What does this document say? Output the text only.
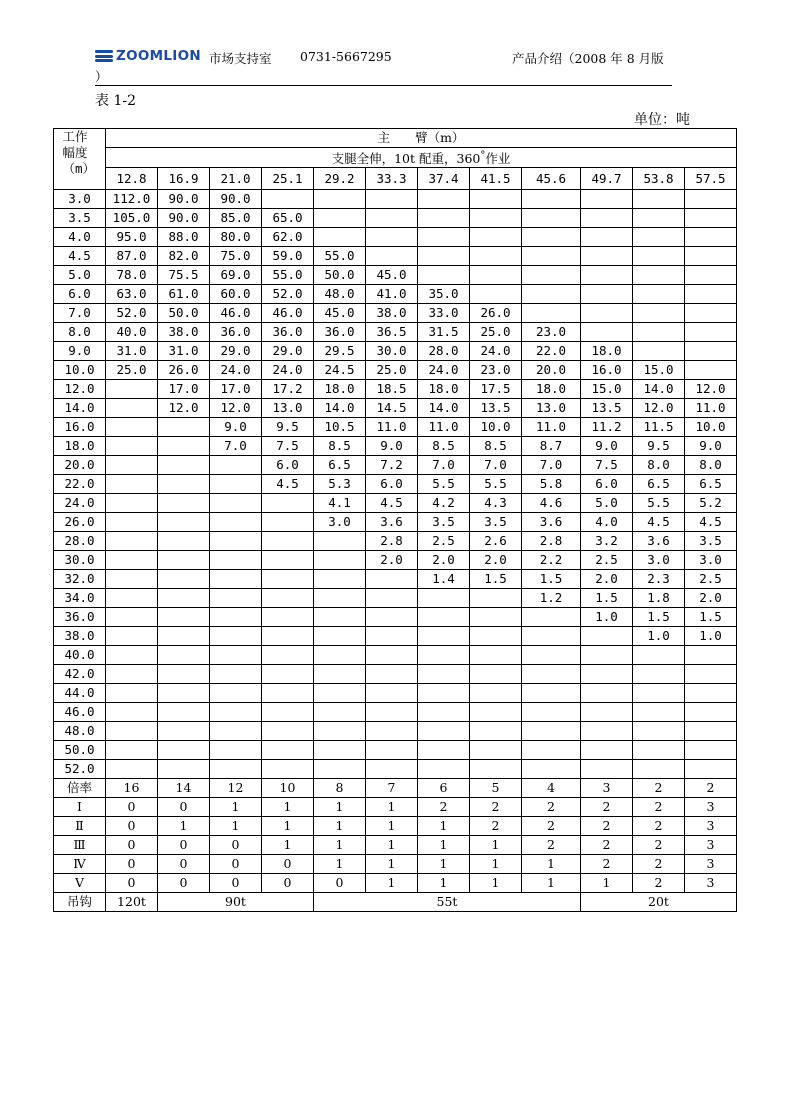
ZOOMLION 市场支持室 0731-5667295	产品介绍（2008 年 8 月版
）
表 1-2
单位：吨
工作幅度（m）	主　　臂（m）											
	支腿全伸，10t 配重，360°作业											
	12.8	16.9	21.0	25.1	29.2	33.3	37.4	41.5	45.6	49.7	53.8	57.5
3.0	112.0	90.0	90.0									
3.5	105.0	90.0	85.0	65.0								
4.0	95.0	88.0	80.0	62.0								
4.5	87.0	82.0	75.0	59.0	55.0							
5.0	78.0	75.5	69.0	55.0	50.0	45.0						
6.0	63.0	61.0	60.0	52.0	48.0	41.0	35.0					
7.0	52.0	50.0	46.0	46.0	45.0	38.0	33.0	26.0				
8.0	40.0	38.0	36.0	36.0	36.0	36.5	31.5	25.0	23.0			
9.0	31.0	31.0	29.0	29.0	29.5	30.0	28.0	24.0	22.0	18.0		
10.0	25.0	26.0	24.0	24.0	24.5	25.0	24.0	23.0	20.0	16.0	15.0	
12.0		17.0	17.0	17.2	18.0	18.5	18.0	17.5	18.0	15.0	14.0	12.0
14.0		12.0	12.0	13.0	14.0	14.5	14.0	13.5	13.0	13.5	12.0	11.0
16.0			9.0	9.5	10.5	11.0	11.0	10.0	11.0	11.2	11.5	10.0
18.0			7.0	7.5	8.5	9.0	8.5	8.5	8.7	9.0	9.5	9.0
20.0				6.0	6.5	7.2	7.0	7.0	7.0	7.5	8.0	8.0
22.0				4.5	5.3	6.0	5.5	5.5	5.8	6.0	6.5	6.5
24.0					4.1	4.5	4.2	4.3	4.6	5.0	5.5	5.2
26.0					3.0	3.6	3.5	3.5	3.6	4.0	4.5	4.5
28.0						2.8	2.5	2.6	2.8	3.2	3.6	3.5
30.0						2.0	2.0	2.0	2.2	2.5	3.0	3.0
32.0							1.4	1.5	1.5	2.0	2.3	2.5
34.0									1.2	1.5	1.8	2.0
36.0										1.0	1.5	1.5
38.0											1.0	1.0
40.0												
42.0												
44.0												
46.0												
48.0												
50.0												
52.0												
倍率	16	14	12	10	8	7	6	5	4	3	2	2
Ⅰ	0	0	1	1	1	1	2	2	2	2	2	3
Ⅱ	0	1	1	1	1	1	1	2	2	2	2	3
Ⅲ	0	0	0	1	1	1	1	1	2	2	2	3
Ⅳ	0	0	0	0	1	1	1	1	1	2	2	3
Ⅴ	0	0	0	0	0	1	1	1	1	1	2	3
吊钩	120t	90t			55t					20t		
